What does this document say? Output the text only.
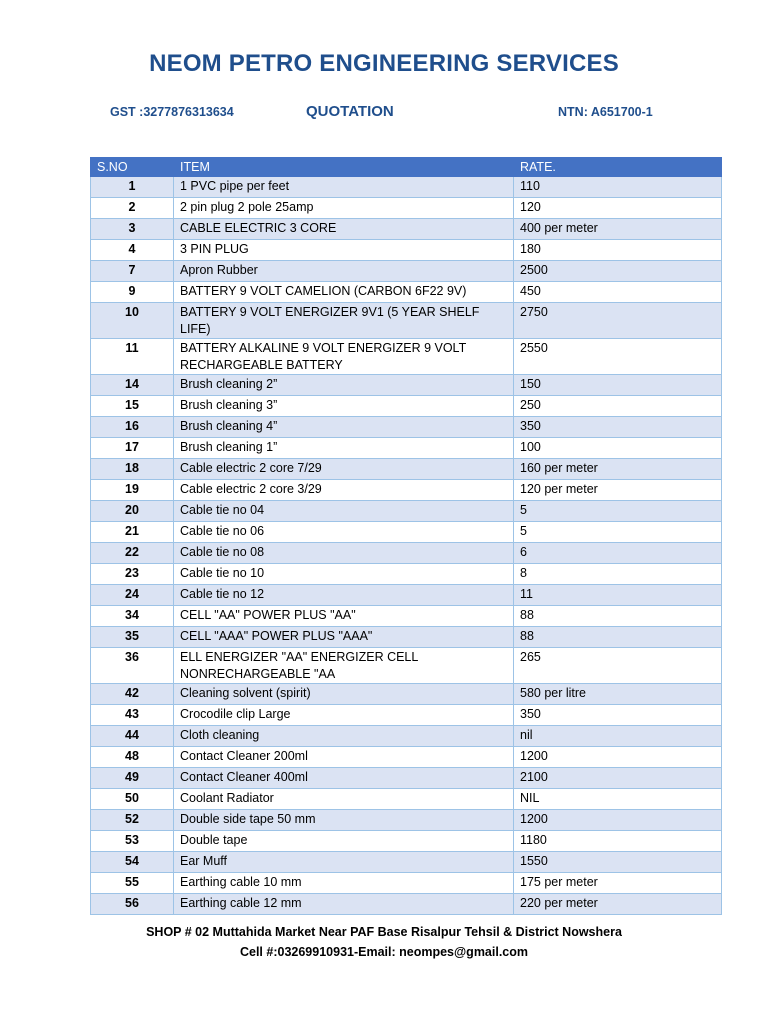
NEOM PETRO ENGINEERING SERVICES
GST :3277876313634	QUOTATION	NTN: A651700-1
S.NO	ITEM	RATE.
1	1 PVC pipe per feet	110
2	2 pin plug 2 pole 25amp	120
3	CABLE ELECTRIC 3 CORE	400 per meter
4	3 PIN PLUG	180
7	Apron Rubber	2500
9	BATTERY 9 VOLT CAMELION (CARBON 6F22 9V)	450
10	BATTERY 9 VOLT ENERGIZER 9V1 (5 YEAR SHELF LIFE)	2750
11	BATTERY ALKALINE 9 VOLT ENERGIZER 9 VOLT RECHARGEABLE BATTERY	2550
14	Brush cleaning 2”	150
15	Brush cleaning 3”	250
16	Brush cleaning 4”	350
17	Brush cleaning 1”	100
18	Cable electric 2 core 7/29	160 per meter
19	Cable electric 2 core 3/29	120 per meter
20	Cable tie no 04	5
21	Cable tie no 06	5
22	Cable tie no 08	6
23	Cable tie no 10	8
24	Cable tie no 12	11
34	CELL "AA" POWER PLUS "AA"	88
35	CELL "AAA" POWER PLUS "AAA"	88
36	ELL ENERGIZER "AA" ENERGIZER CELL NONRECHARGEABLE "AA	265
42	Cleaning solvent (spirit)	580 per litre
43	Crocodile clip Large	350
44	Cloth cleaning	nil
48	Contact Cleaner 200ml	1200
49	Contact Cleaner 400ml	2100
50	Coolant Radiator	NIL
52	Double side tape 50 mm	1200
53	Double tape	1180
54	Ear Muff	1550
55	Earthing cable 10 mm	175 per meter
56	Earthing cable 12 mm	220 per meter
SHOP # 02 Muttahida Market Near PAF Base Risalpur Tehsil & District Nowshera
Cell #:03269910931-Email: neompes@gmail.com
